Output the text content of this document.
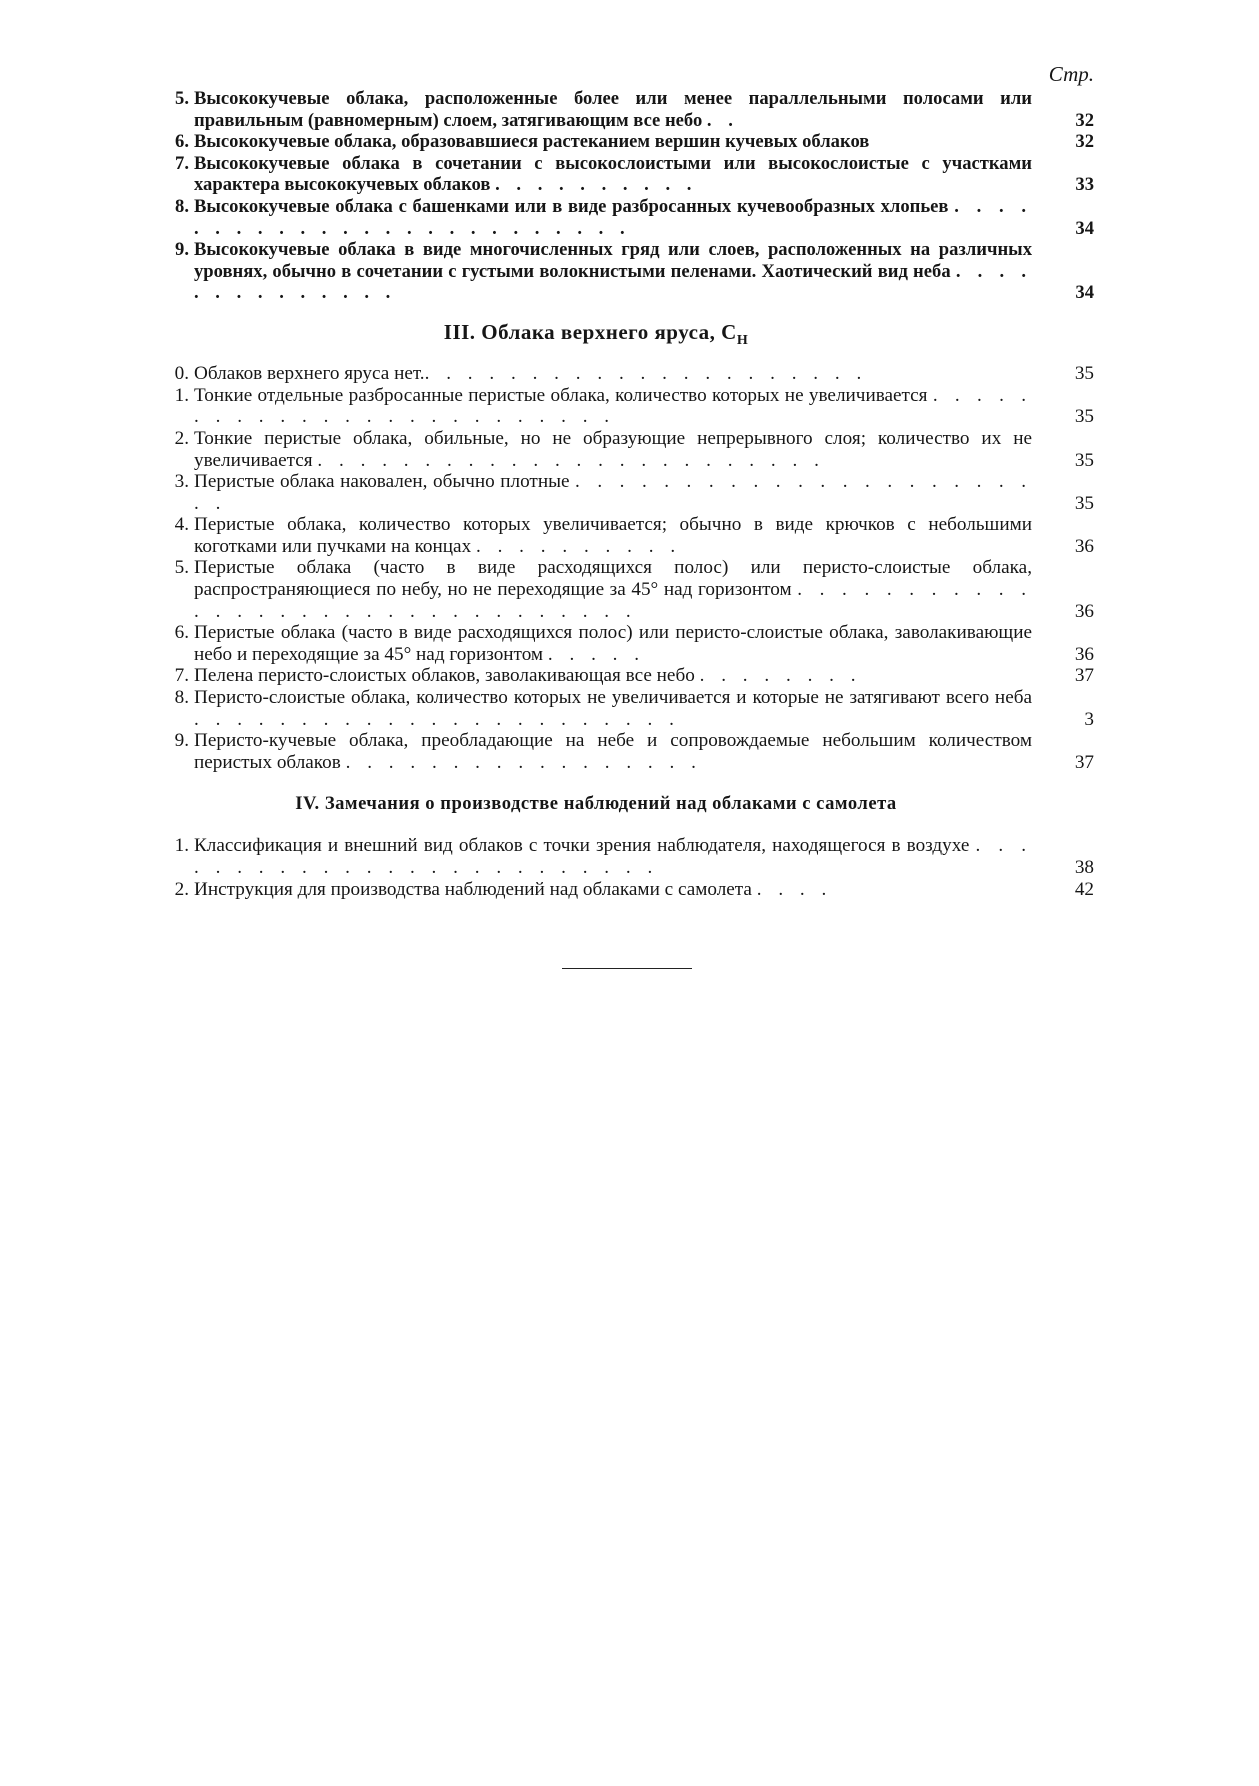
Стр.
5. Высококучевые облака, расположенные более или менее параллельными полосами или правильным (равномерным) слоем, затягивающим все небо . .	32
6. Высококучевые облака, образовавшиеся растеканием вершин кучевых облаков	32
7. Высококучевые облака в сочетании с высокослоистыми или высокослоистые с участками характера высококучевых облаков . . . . . . . . . .	33
8. Высококучевые облака с башенками или в виде разбросанных кучевообразных хлопьев . . . . . . . . . . . . . . . . . . . . . . . . .	34
9. Высококучевые облака в виде многочисленных гряд или слоев, расположенных на различных уровнях, обычно в сочетании с густыми волокнистыми пеленами. Хаотический вид неба . . . . . . . . . . . . . .	34
III. Облака верхнего яруса, $C_H$
0. Облаков верхнего яруса нет.. . . . . . . . . . . . . . . . . . . . .	35
1. Тонкие отдельные разбросанные перистые облака, количество которых не увеличивается . . . . . . . . . . . . . . . . . . . . . . . . .	35
2. Тонкие перистые облака, обильные, но не образующие непрерывного слоя; количество их не увеличивается . . . . . . . . . . . . . . . . . . . . . . . .	35
3. Перистые облака наковален, обычно плотные . . . . . . . . . . . . . . . . . . . . . . .	35
4. Перистые облака, количество которых увеличивается; обычно в виде крючков с небольшими коготками или пучками на концах . . . . . . . . . .	36
5. Перистые облака (часто в виде расходящихся полос) или перисто-слоистые облака, распространяющиеся по небу, но не переходящие за 45° над горизонтом . . . . . . . . . . . . . . . . . . . . . . . . . . . . . . . .	36
6. Перистые облака (часто в виде расходящихся полос) или перисто-слоистые облака, заволакивающие небо и переходящие за 45° над горизонтом . . . . .	36
7. Пелена перисто-слоистых облаков, заволакивающая все небо . . . . . . . .	37
8. Перисто-слоистые облака, количество которых не увеличивается и которые не затягивают всего неба . . . . . . . . . . . . . . . . . . . . . . .	3
9. Перисто-кучевые облака, преобладающие на небе и сопровождаемые небольшим количеством перистых облаков . . . . . . . . . . . . . . . . .	37
IV. Замечания о производстве наблюдений над облаками с самолета
1. Классификация и внешний вид облаков с точки зрения наблюдателя, находящегося в воздухе . . . . . . . . . . . . . . . . . . . . . . . . .	38
2. Инструкция для производства наблюдений над облаками с самолета . . . .	42
